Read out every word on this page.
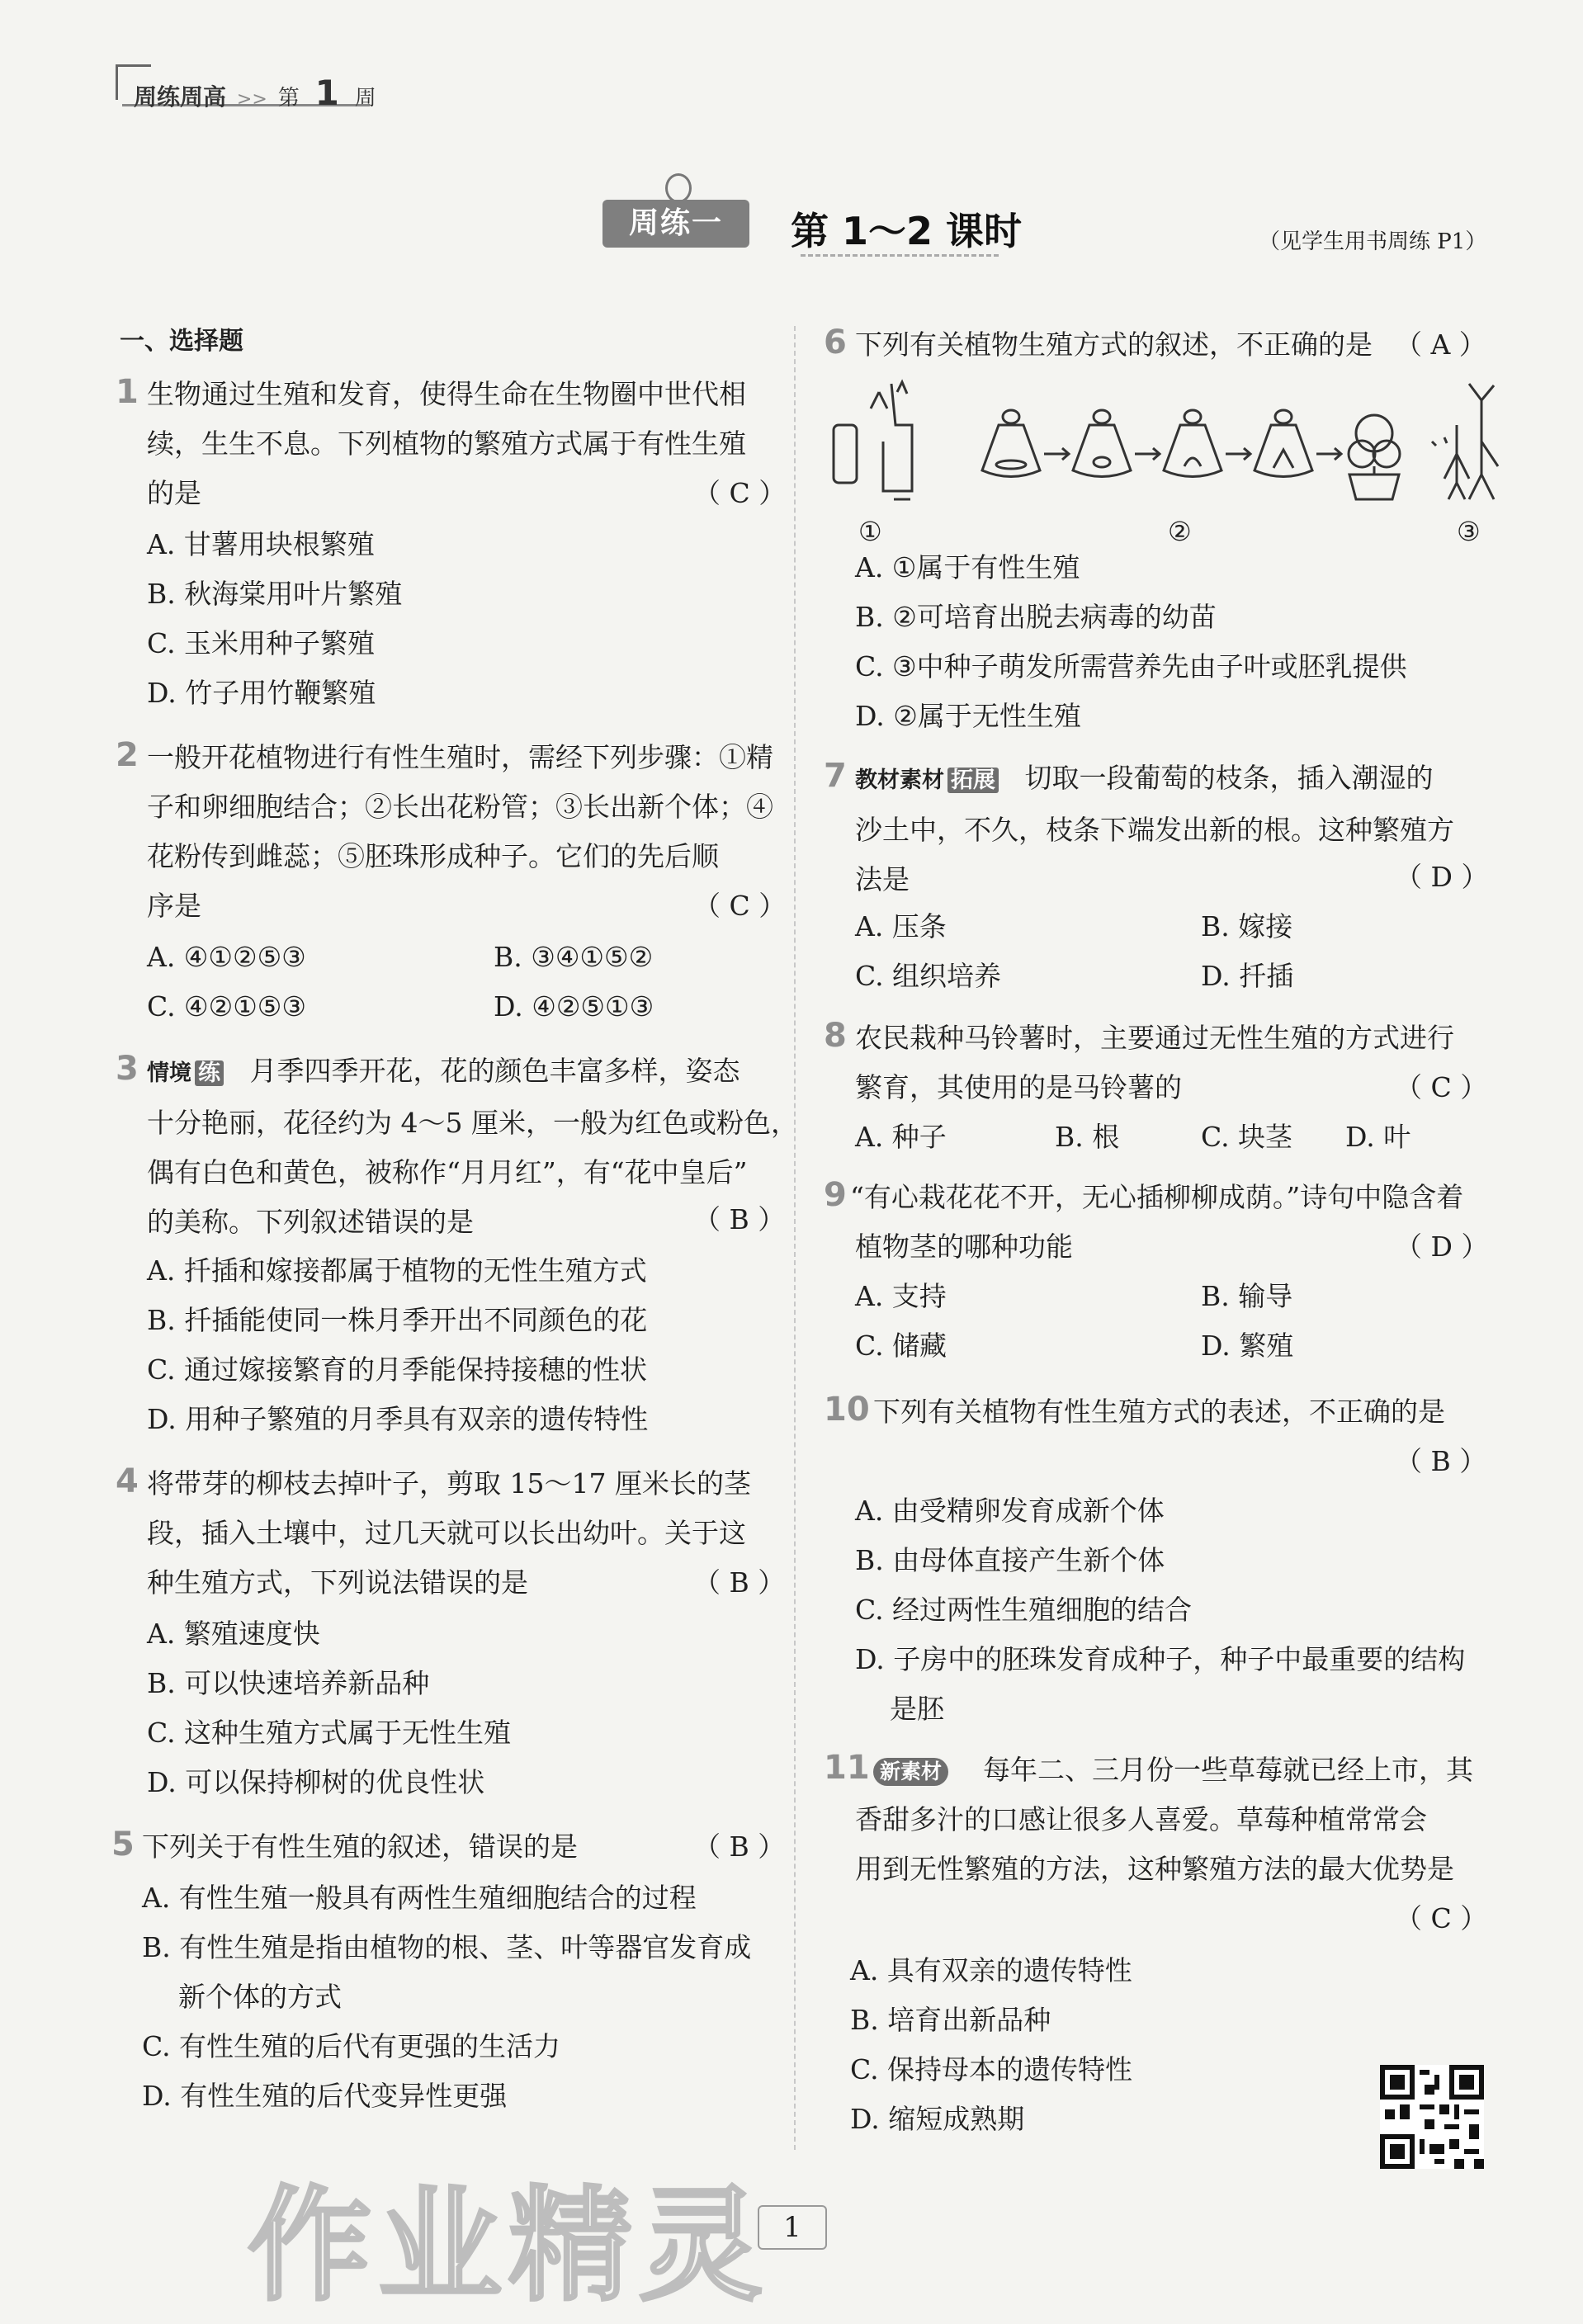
周练周高 >> 第 1 周
周练一	第 1～2 课时	（见学生用书周练 P1）
一、选择题
1 生物通过生殖和发育，使得生命在生物圈中世代相
续，生生不息。下列植物的繁殖方式属于有性生殖
的是	（ C ）
A. 甘薯用块根繁殖
B. 秋海棠用叶片繁殖
C. 玉米用种子繁殖
D. 竹子用竹鞭繁殖
2 一般开花植物进行有性生殖时，需经下列步骤：①精
子和卵细胞结合；②长出花粉管；③长出新个体；④
花粉传到雌蕊；⑤胚珠形成种子。它们的先后顺
序是	（ C ）
A. ④①②⑤③	B. ③④①⑤②
C. ④②①⑤③	D. ④②⑤①③
3 情境 练 月季四季开花，花的颜色丰富多样，姿态
十分艳丽，花径约为 4～5 厘米，一般为红色或粉色，
偶有白色和黄色，被称作“月月红”，有“花中皇后”
的美称。下列叙述错误的是	（ B ）
A. 扦插和嫁接都属于植物的无性生殖方式
B. 扦插能使同一株月季开出不同颜色的花
C. 通过嫁接繁育的月季能保持接穗的性状
D. 用种子繁殖的月季具有双亲的遗传特性
4 将带芽的柳枝去掉叶子，剪取 15～17 厘米长的茎
段，插入土壤中，过几天就可以长出幼叶。关于这
种生殖方式，下列说法错误的是	（ B ）
A. 繁殖速度快
B. 可以快速培养新品种
C. 这种生殖方式属于无性生殖
D. 可以保持柳树的优良性状
5 下列关于有性生殖的叙述，错误的是	（ B ）
A. 有性生殖一般具有两性生殖细胞结合的过程
B. 有性生殖是指由植物的根、茎、叶等器官发育成
新个体的方式
C. 有性生殖的后代有更强的生活力
D. 有性生殖的后代变异性更强
6 下列有关植物生殖方式的叙述，不正确的是 （ A ）
①	②	③
A. ①属于有性生殖
B. ②可培育出脱去病毒的幼苗
C. ③中种子萌发所需营养先由子叶或胚乳提供
D. ②属于无性生殖
7 教材素材 拓展 切取一段葡萄的枝条，插入潮湿的
沙土中，不久，枝条下端发出新的根。这种繁殖方
法是	（ D ）
A. 压条	B. 嫁接
C. 组织培养	D. 扦插
8 农民栽种马铃薯时，主要通过无性生殖的方式进行
繁育，其使用的是马铃薯的	（ C ）
A. 种子	B. 根	C. 块茎 D. 叶
9 “有心栽花花不开，无心插柳柳成荫。”诗句中隐含着
植物茎的哪种功能	（ D ）
A. 支持	B. 输导
C. 储藏	D. 繁殖
10 下列有关植物有性生殖方式的表述，不正确的是
（ B ）
A. 由受精卵发育成新个体
B. 由母体直接产生新个体
C. 经过两性生殖细胞的结合
D. 子房中的胚珠发育成种子，种子中最重要的结构
是胚
11 新素材 每年二、三月份一些草莓就已经上市，其
香甜多汁的口感让很多人喜爱。草莓种植常常会
用到无性繁殖的方法，这种繁殖方法的最大优势是
（ C ）
A. 具有双亲的遗传特性
B. 培育出新品种
C. 保持母本的遗传特性
D. 缩短成熟期
1
作业精灵
